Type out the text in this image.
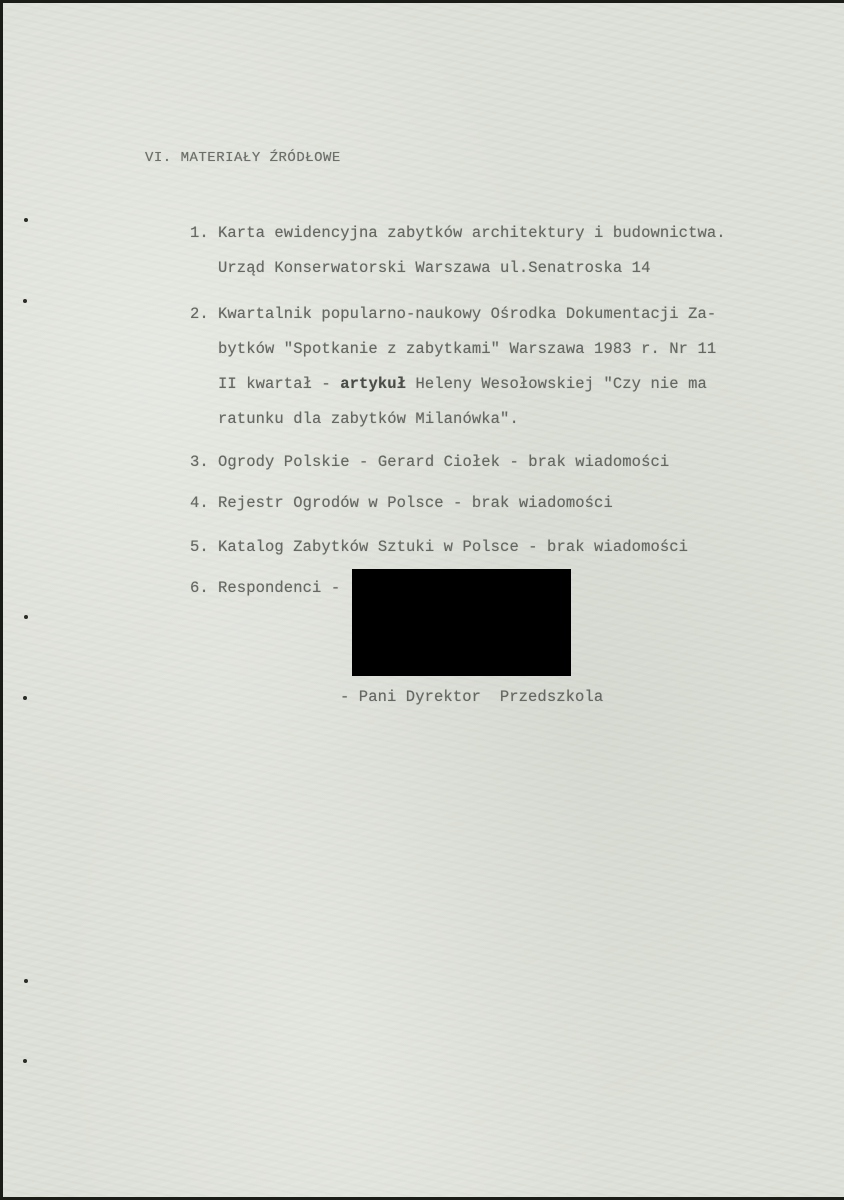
VI. MATERIAŁY ŹRÓDŁOWE
1. Karta ewidencyjna zabytków architektury i budownictwa.
Urząd Konserwatorski Warszawa ul.Senatroska 14
2. Kwartalnik popularno-naukowy Ośrodka Dokumentacji Za-
bytków "Spotkanie z zabytkami" Warszawa 1983 r. Nr 11
II kwartał - artykuł Heleny Wesołowskiej "Czy nie ma
ratunku dla zabytków Milanówka".
3. Ogrody Polskie - Gerard Ciołek - brak wiadomości
4. Rejestr Ogrodów w Polsce - brak wiadomości
5. Katalog Zabytków Sztuki w Polsce - brak wiadomości
6. Respondenci -
- Pani Dyrektor  Przedszkola
